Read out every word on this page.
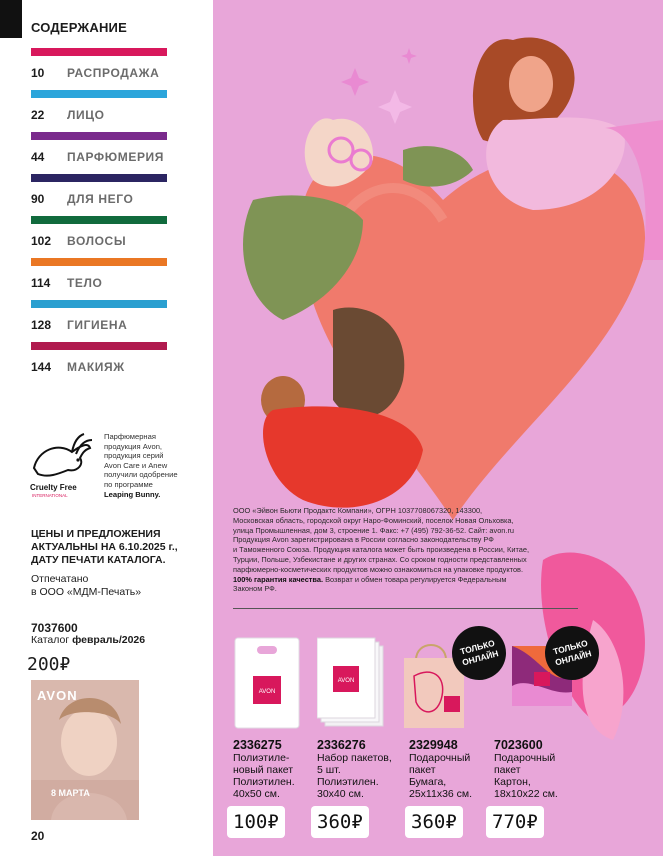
СОДЕРЖАНИЕ
10	РАСПРОДАЖА
22	ЛИЦО
44	ПАРФЮМЕРИЯ
90	ДЛЯ НЕГО
102	ВОЛОСЫ
114	ТЕЛО
128	ГИГИЕНА
144	МАКИЯЖ
Cruelty Free
INTERNATIONAL
Парфюмерная
продукция Avon,
продукция серий
Avon Care и Anew
получили одобрение
по программе
Leaping Bunny.
ЦЕНЫ И ПРЕДЛОЖЕНИЯ
АКТУАЛЬНЫ НА 6.10.2025 г.,
ДАТУ ПЕЧАТИ КАТАЛОГА.
Отпечатано
в ООО «МДМ-Печать»
7037600
Каталог февраль/2026
200₽
AVON
8 МАРТА
20
ООО «Эйвон Бьюти Продактс Компани», ОГРН 1037708067320, 143300,
Московская область, городской округ Наро-Фоминский, поселок Новая Ольховка,
улица Промышленная, дом 3, строение 1. Факс: +7 (495) 792-36-52. Сайт: avon.ru
Продукция Avon зарегистрирована в России согласно законодательству РФ
и Таможенного Союза. Продукция каталога может быть произведена в России, Китае,
Турции, Польше, Узбекистане и других странах. Со сроком годности представленных
парфюмерно-косметических продуктов можно ознакомиться на упаковке продуктов.
100% гарантия качества. Возврат и обмен товара регулируется Федеральным
Законом РФ.
AVON
AVON
ТОЛЬКО ОНЛАЙН
ТОЛЬКО ОНЛАЙН
2336275
Полиэтиле-
новый пакет
Полиэтилен.
40x50 см.
100₽
2336276
Набор пакетов,
5 шт.
Полиэтилен.
30x40 см.
360₽
2329948
Подарочный
пакет
Бумага,
25x11x36 см.
360₽
7023600
Подарочный
пакет
Картон,
18x10x22 см.
770₽
